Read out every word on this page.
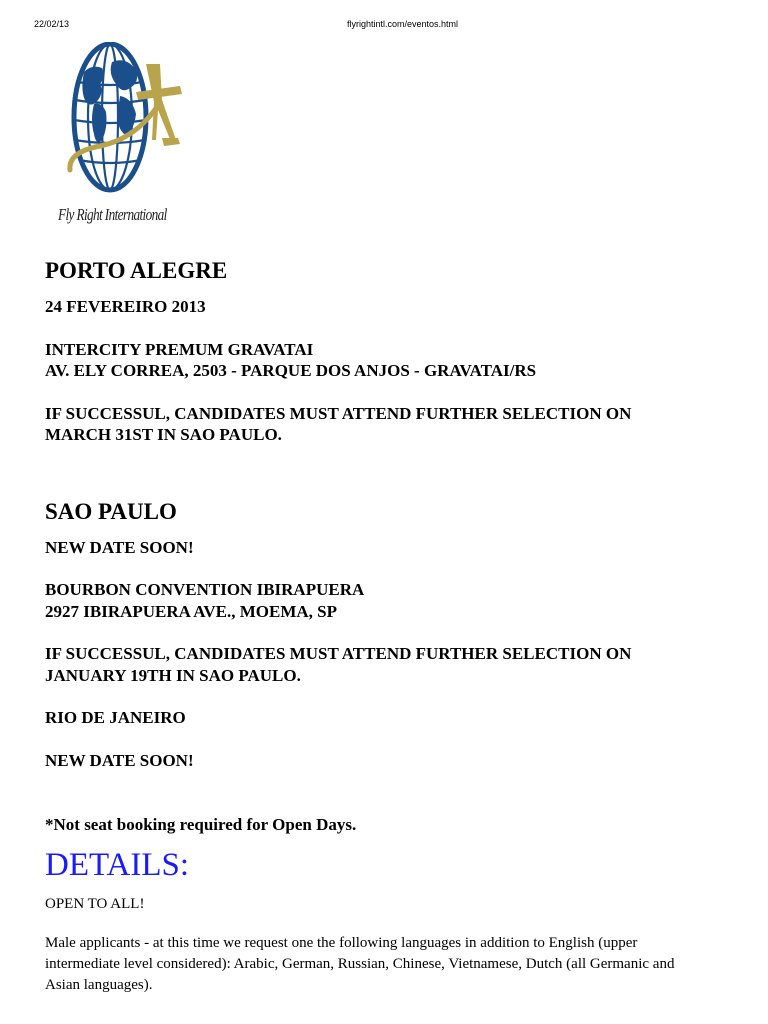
22/02/13	flyrightintl.com/eventos.html
Fly Right International

PORTO ALEGRE

24 FEVEREIRO 2013

INTERCITY PREMUM GRAVATAI

AV. ELY CORREA, 2503 - PARQUE DOS ANJOS - GRAVATAI/RS

IF SUCCESSUL, CANDIDATES MUST ATTEND FURTHER SELECTION ON

MARCH 31ST IN SAO PAULO.

SAO PAULO

NEW DATE SOON!

BOURBON CONVENTION IBIRAPUERA

2927 IBIRAPUERA AVE., MOEMA, SP

IF SUCCESSUL, CANDIDATES MUST ATTEND FURTHER SELECTION ON

JANUARY 19TH IN SAO PAULO.

RIO DE JANEIRO

NEW DATE SOON!

*Not seat booking required for Open Days.

DETAILS:

OPEN TO ALL!

Male applicants - at this time we request one the following languages in addition to English (upper

intermediate level considered): Arabic, German, Russian, Chinese, Vietnamese, Dutch (all Germanic and

Asian languages).
